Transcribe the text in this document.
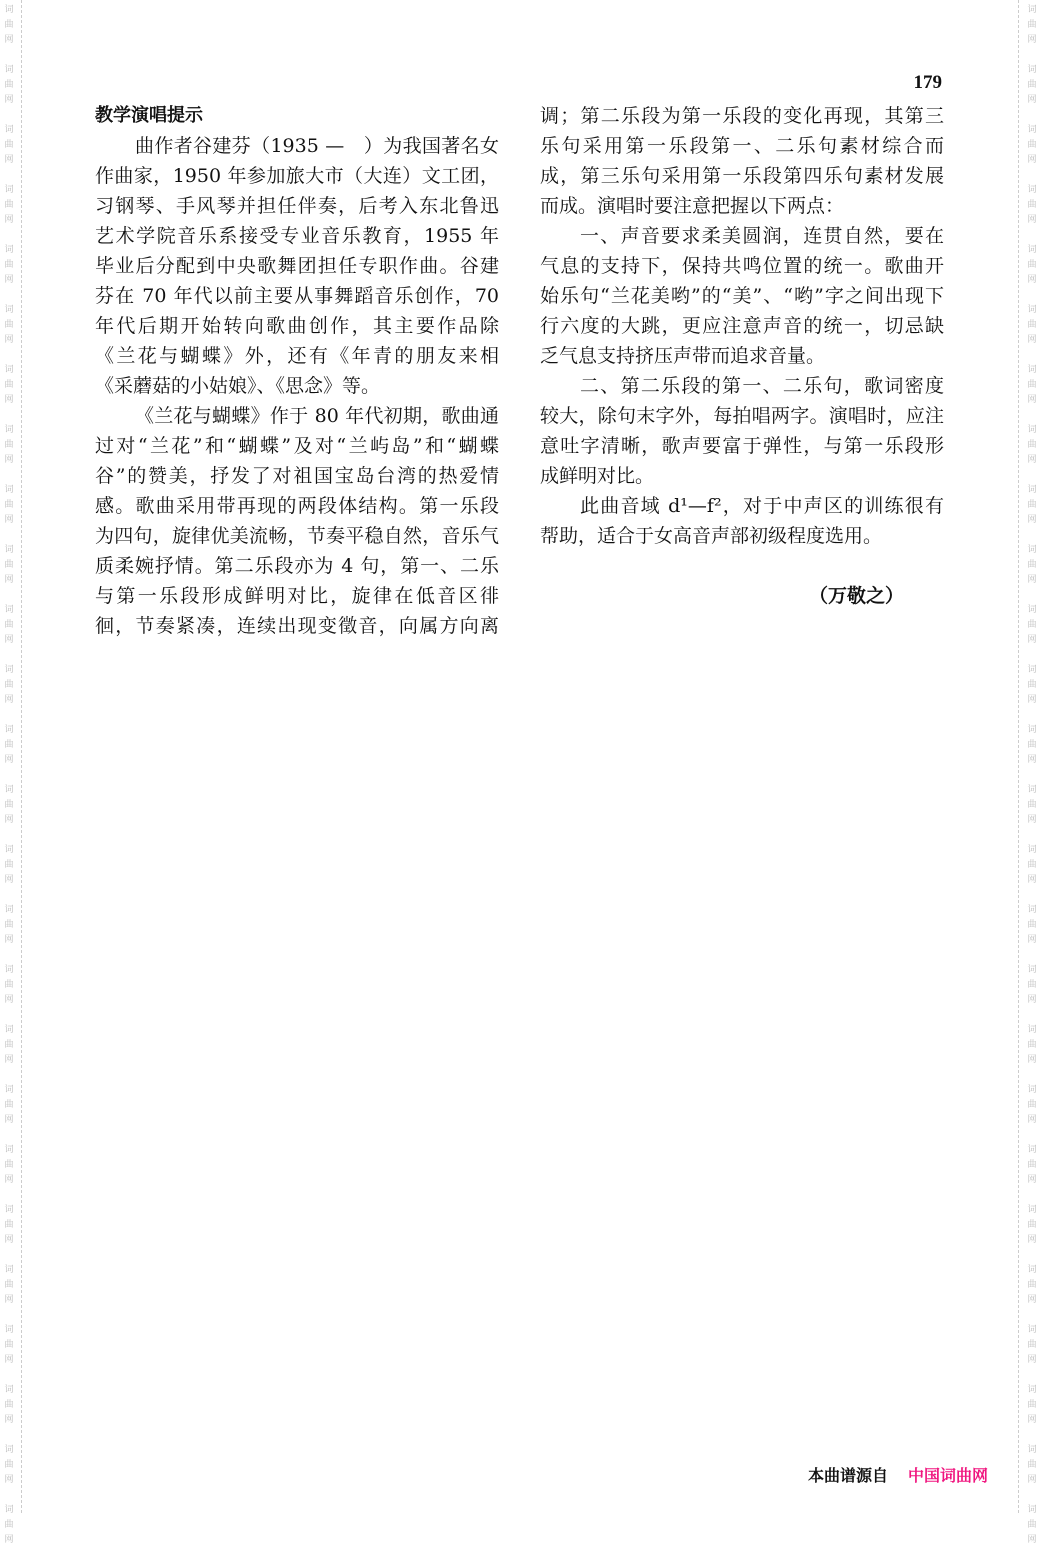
词
曲
网
词
曲
网
词
曲
网
词
曲
网
词
曲
网
词
曲
网
词
曲
网
词
曲
网
词
曲
网
词
曲
网
词
曲
网
词
曲
网
词
曲
网
词
曲
网
词
曲
网
词
曲
网
词
曲
网
词
曲
网
词
曲
网
词
曲
网
词
曲
网
词
曲
网
词
曲
网
词
曲
网
词
曲
网
词
曲
网
词
曲
网
词
曲
网
词
曲
网
词
曲
网
词
曲
网
词
曲
网
词
曲
网
词
曲
网
词
曲
网
词
曲
网
词
曲
网
词
曲
网
词
曲
网
词
曲
网
词
曲
网
词
曲
网
词
曲
网
词
曲
网
词
曲
网
词
曲
网
词
曲
网
词
曲
网
词
曲
网
词
曲
网
词
曲
网
词
曲
网
179
教学演唱提示
曲作者谷建芬（1935 —　）为我国著名女
作曲家，1950 年参加旅大市（大连）文工团，
习钢琴、手风琴并担任伴奏，后考入东北鲁迅
艺术学院音乐系接受专业音乐教育，1955 年
毕业后分配到中央歌舞团担任专职作曲。谷建
芬在 70 年代以前主要从事舞蹈音乐创作，70
年代后期开始转向歌曲创作，其主要作品除
《兰花与蝴蝶》外，还有《年青的朋友来相
《采蘑菇的小姑娘》、《思念》等。
《兰花与蝴蝶》作于 80 年代初期，歌曲通
过对“兰花”和“蝴蝶”及对“兰屿岛”和“蝴蝶
谷”的赞美，抒发了对祖国宝岛台湾的热爱情
感。歌曲采用带再现的两段体结构。第一乐段
为四句，旋律优美流畅，节奏平稳自然，音乐气
质柔婉抒情。第二乐段亦为 4 句，第一、二乐
与第一乐段形成鲜明对比，旋律在低音区徘
徊，节奏紧凑，连续出现变徵音，向属方向离
调；第二乐段为第一乐段的变化再现，其第三
乐句采用第一乐段第一、二乐句素材综合而
成，第三乐句采用第一乐段第四乐句素材发展
而成。演唱时要注意把握以下两点：
一、声音要求柔美圆润，连贯自然，要在
气息的支持下，保持共鸣位置的统一。歌曲开
始乐句“兰花美哟”的“美”、“哟”字之间出现下
行六度的大跳，更应注意声音的统一，切忌缺
乏气息支持挤压声带而追求音量。
二、第二乐段的第一、二乐句，歌词密度
较大，除句末字外，每拍唱两字。演唱时，应注
意吐字清晰，歌声要富于弹性，与第一乐段形
成鲜明对比。
此曲音域 d¹—f²，对于中声区的训练很有
帮助，适合于女高音声部初级程度选用。
（万敬之）
本曲谱源自 中国词曲网
